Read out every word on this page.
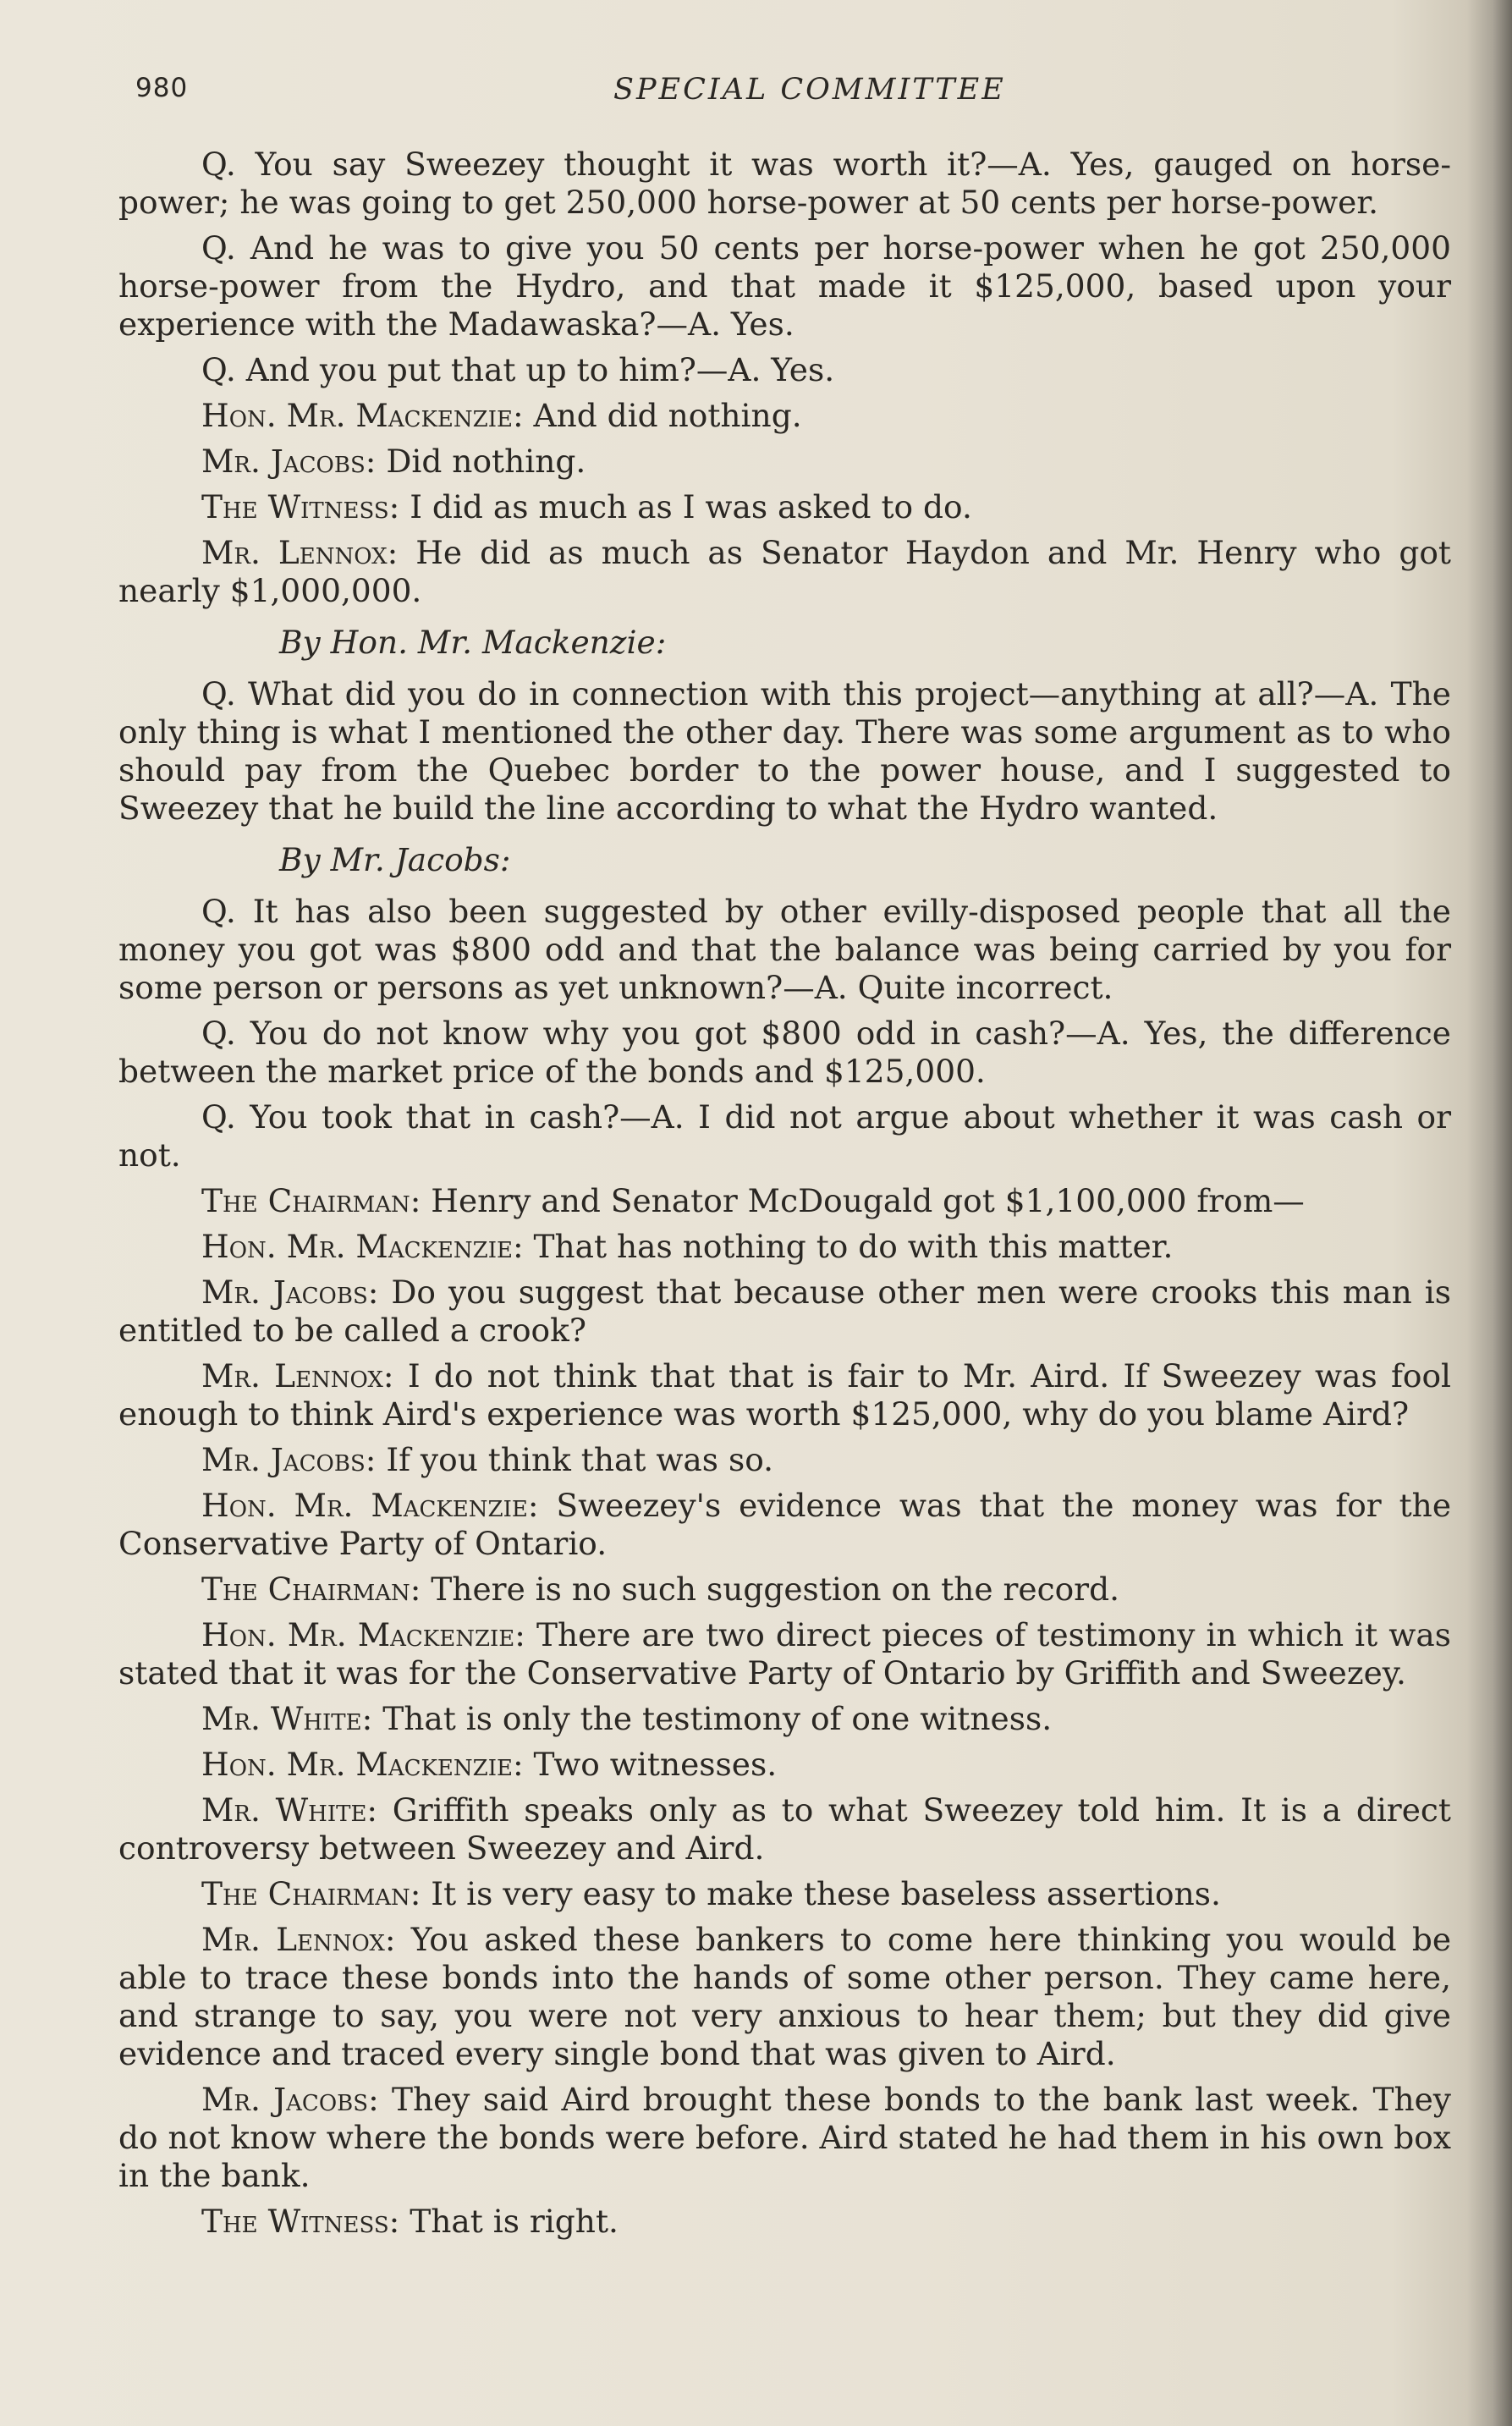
980	SPECIAL COMMITTEE

Q. You say Sweezey thought it was worth it?—A. Yes, gauged on horse-power; he was going to get 250,000 horse-power at 50 cents per horse-power.

Q. And he was to give you 50 cents per horse-power when he got 250,000 horse-power from the Hydro, and that made it $125,000, based upon your experience with the Madawaska?—A. Yes.

Q. And you put that up to him?—A. Yes.

Hon. Mr. Mackenzie: And did nothing.

Mr. Jacobs: Did nothing.

The Witness: I did as much as I was asked to do.

Mr. Lennox: He did as much as Senator Haydon and Mr. Henry who got nearly $1,000,000.

By Hon. Mr. Mackenzie:

Q. What did you do in connection with this project—anything at all?—A. The only thing is what I mentioned the other day. There was some argument as to who should pay from the Quebec border to the power house, and I suggested to Sweezey that he build the line according to what the Hydro wanted.

By Mr. Jacobs:

Q. It has also been suggested by other evilly-disposed people that all the money you got was $800 odd and that the balance was being carried by you for some person or persons as yet unknown?—A. Quite incorrect.

Q. You do not know why you got $800 odd in cash?—A. Yes, the difference between the market price of the bonds and $125,000.

Q. You took that in cash?—A. I did not argue about whether it was cash or not.

The Chairman: Henry and Senator McDougald got $1,100,000 from—

Hon. Mr. Mackenzie: That has nothing to do with this matter.

Mr. Jacobs: Do you suggest that because other men were crooks this man is entitled to be called a crook?

Mr. Lennox: I do not think that that is fair to Mr. Aird. If Sweezey was fool enough to think Aird's experience was worth $125,000, why do you blame Aird?

Mr. Jacobs: If you think that was so.

Hon. Mr. Mackenzie: Sweezey's evidence was that the money was for the Conservative Party of Ontario.

The Chairman: There is no such suggestion on the record.

Hon. Mr. Mackenzie: There are two direct pieces of testimony in which it was stated that it was for the Conservative Party of Ontario by Griffith and Sweezey.

Mr. White: That is only the testimony of one witness.

Hon. Mr. Mackenzie: Two witnesses.

Mr. White: Griffith speaks only as to what Sweezey told him. It is a direct controversy between Sweezey and Aird.

The Chairman: It is very easy to make these baseless assertions.

Mr. Lennox: You asked these bankers to come here thinking you would be able to trace these bonds into the hands of some other person. They came here, and strange to say, you were not very anxious to hear them; but they did give evidence and traced every single bond that was given to Aird.

Mr. Jacobs: They said Aird brought these bonds to the bank last week. They do not know where the bonds were before. Aird stated he had them in his own box in the bank.

The Witness: That is right.
